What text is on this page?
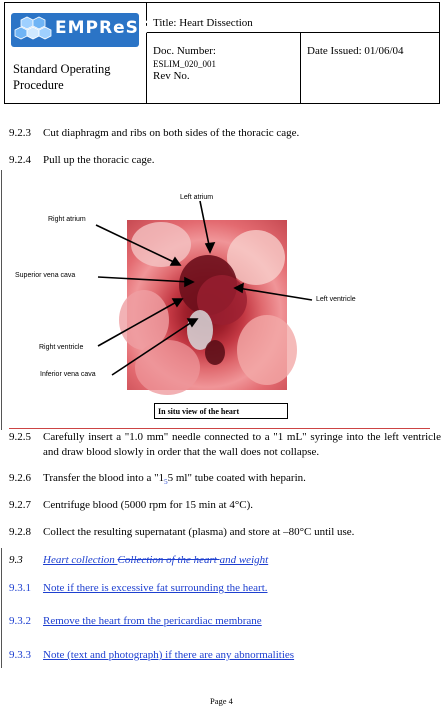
EMPReSS
Standard Operating Procedure
Title: Heart Dissection
Doc. Number:
ESLIM_020_001
Rev No.
Date Issued: 01/06/04
9.2.3 Cut diaphragm and ribs on both sides of the thoracic cage.
9.2.4 Pull up the thoracic cage.
Left atrium
Right atrium
Superior vena cava
Left ventricle
Right ventricle
Inferior vena cava
In situ view of the heart
9.2.5 Carefully insert a "1.0 mm" needle connected to a "1 mL" syringe into the left ventricle and draw blood slowly in order that the wall does not collapse.
9.2.6 Transfer the blood into a "$1_55$ ml" tube coated with heparin.
9.2.7 Centrifuge blood (5000 rpm for 15 min at 4°C).
9.2.8 Collect the resulting supernatant (plasma) and store at –80°C until use.
9.3 Heart collection Collection of the heart and weight
9.3.1 Note if there is excessive fat surrounding the heart.
9.3.2 Remove the heart from the pericardiac membrane
9.3.3 Note (text and photograph) if there are any abnormalities
Page 4
